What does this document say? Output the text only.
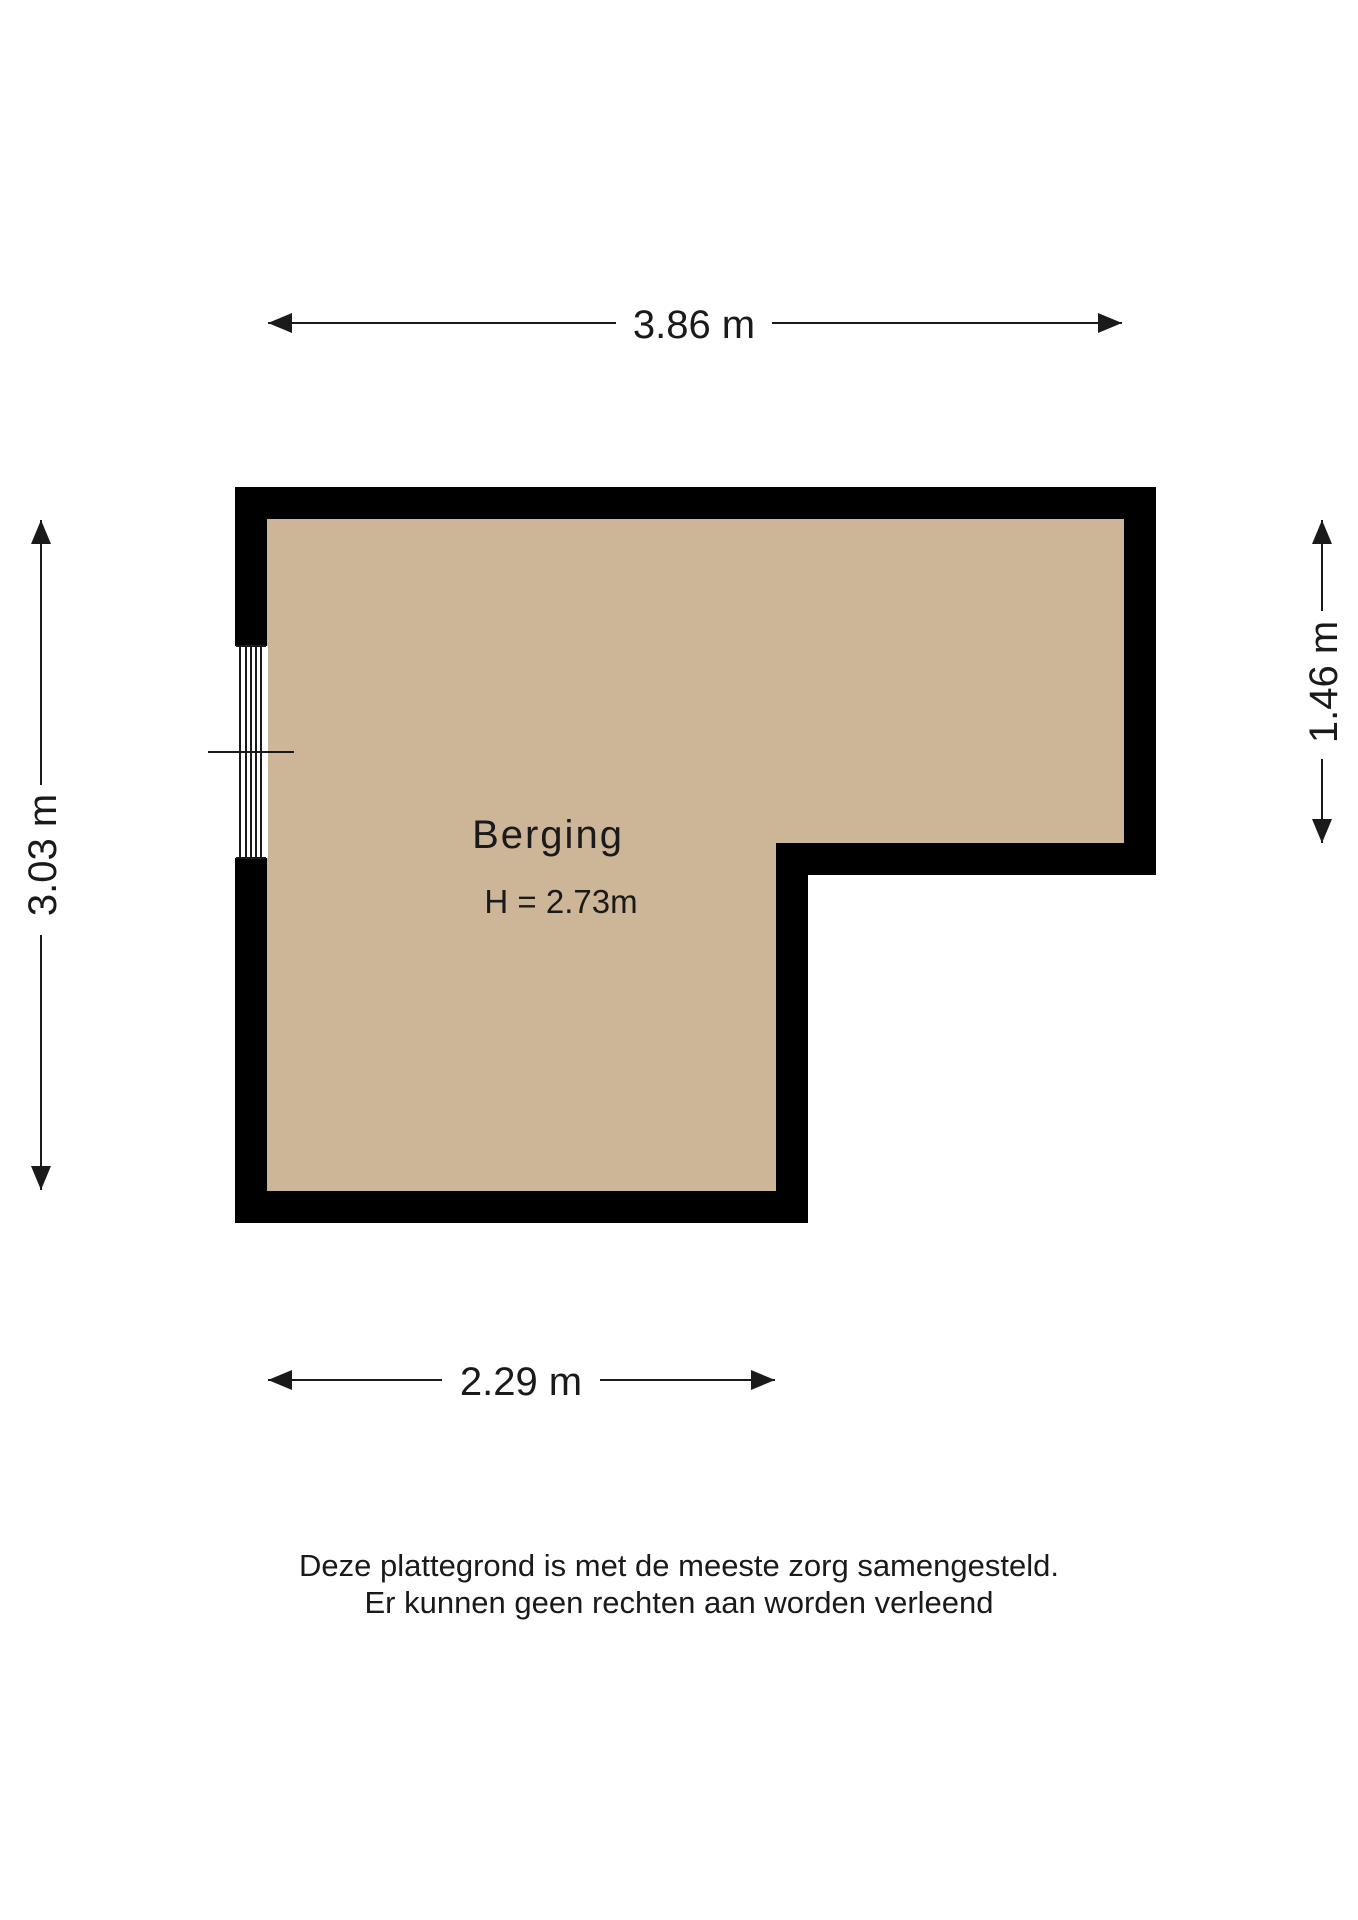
Berging
H = 2.73m
3.86 m
2.29 m
3.03 m
1.46 m
Deze plattegrond is met de meeste zorg samengesteld.
Er kunnen geen rechten aan worden verleend
